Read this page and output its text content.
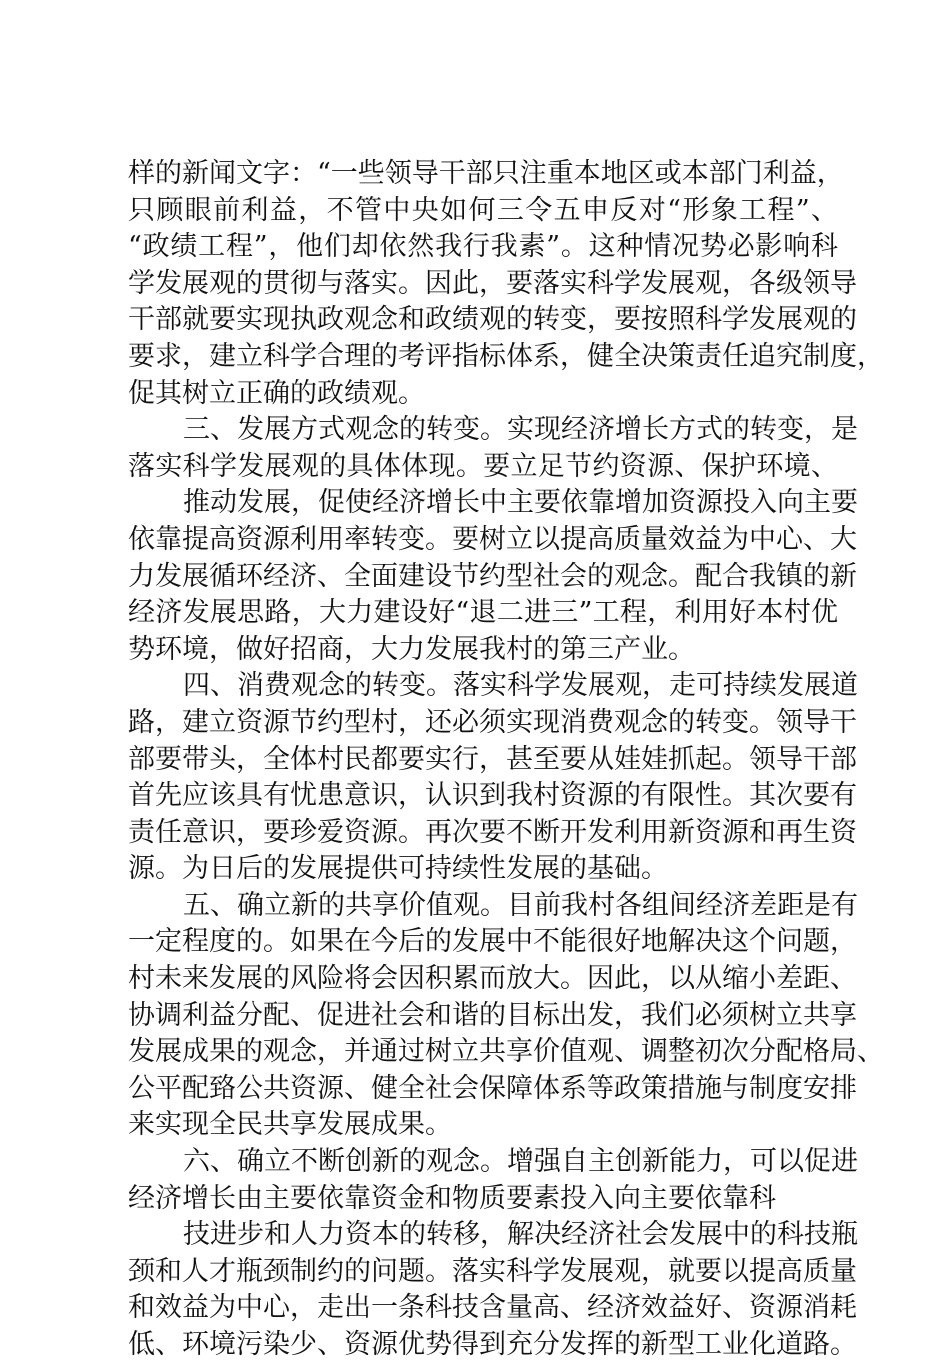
样的新闻文字：“一些领导干部只注重本地区或本部门利益，
只顾眼前利益，不管中央如何三令五申反对“形象工程”、
“政绩工程”，他们却依然我行我素”。这种情况势必影响科
学发展观的贯彻与落实。因此，要落实科学发展观，各级领导
干部就要实现执政观念和政绩观的转变，要按照科学发展观的
要求，建立科学合理的考评指标体系，健全决策责任追究制度，
促其树立正确的政绩观。
三、发展方式观念的转变。实现经济增长方式的转变，是
落实科学发展观的具体体现。要立足节约资源、保护环境、
推动发展，促使经济增长中主要依靠增加资源投入向主要
依靠提高资源利用率转变。要树立以提高质量效益为中心、大
力发展循环经济、全面建设节约型社会的观念。配合我镇的新
经济发展思路，大力建设好“退二进三”工程，利用好本村优
势环境，做好招商，大力发展我村的第三产业。
四、消费观念的转变。落实科学发展观，走可持续发展道
路，建立资源节约型村，还必须实现消费观念的转变。领导干
部要带头，全体村民都要实行，甚至要从娃娃抓起。领导干部
首先应该具有忧患意识，认识到我村资源的有限性。其次要有
责任意识，要珍爱资源。再次要不断开发利用新资源和再生资
源。为日后的发展提供可持续性发展的基础。
五、确立新的共享价值观。目前我村各组间经济差距是有
一定程度的。如果在今后的发展中不能很好地解决这个问题，
村未来发展的风险将会因积累而放大。因此，以从缩小差距、
协调利益分配、促进社会和谐的目标出发，我们必须树立共享
发展成果的观念，并通过树立共享价值观、调整初次分配格局、
公平配臵公共资源、健全社会保障体系等政策措施与制度安排
来实现全民共享发展成果。
六、确立不断创新的观念。增强自主创新能力，可以促进
经济增长由主要依靠资金和物质要素投入向主要依靠科
技进步和人力资本的转移，解决经济社会发展中的科技瓶
颈和人才瓶颈制约的问题。落实科学发展观，就要以提高质量
和效益为中心，走出一条科技含量高、经济效益好、资源消耗
低、环境污染少、资源优势得到充分发挥的新型工业化道路。
